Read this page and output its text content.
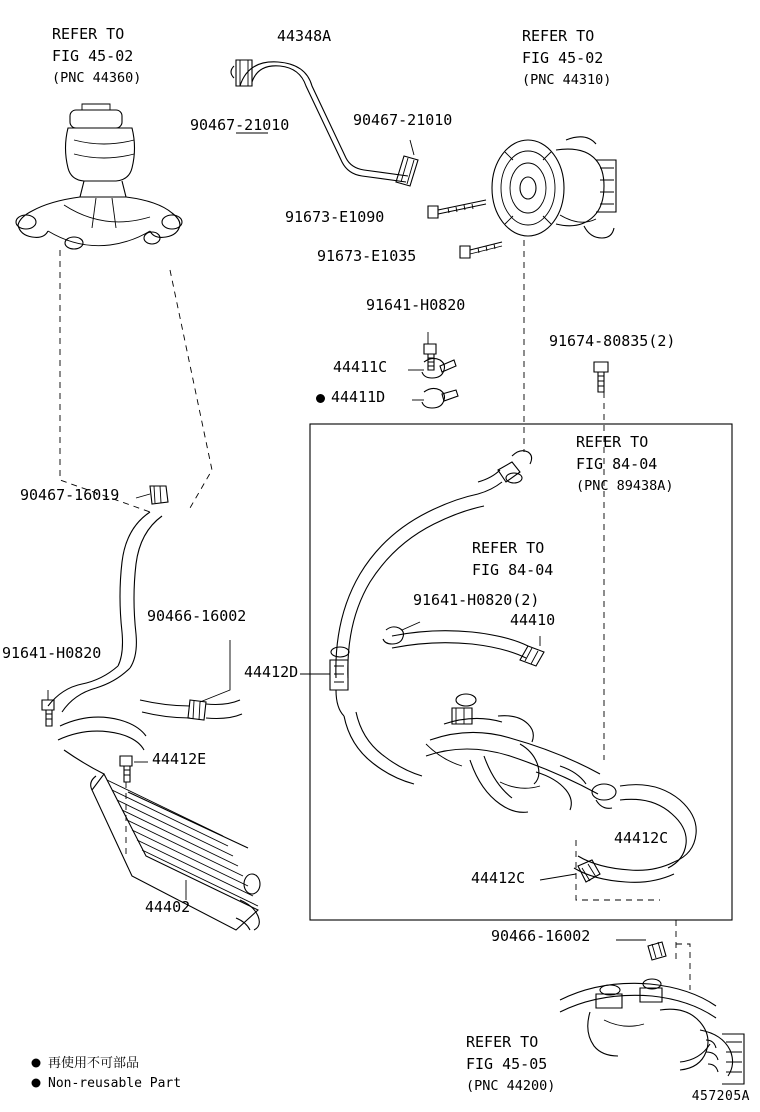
REFER TO
FIG 45-02
(PNC 44360)
44348A
90467-21010	90467-21010
REFER TO
FIG 45-02
(PNC 44310)
91673-E1090
91673-E1035
91641-H0820
44411C
44411D
91674-80835(2)
REFER TO
FIG 84-04
(PNC 89438A)
REFER TO
FIG 84-04
90467-16019
90466-16002
91641-H0820(2)
44410
91641-H0820
44412D
44412E
44412C
44412C
44402
90466-16002
REFER TO
FIG 45-05
(PNC 44200)
再使用不可部品
Non-reusable Part
457205A
